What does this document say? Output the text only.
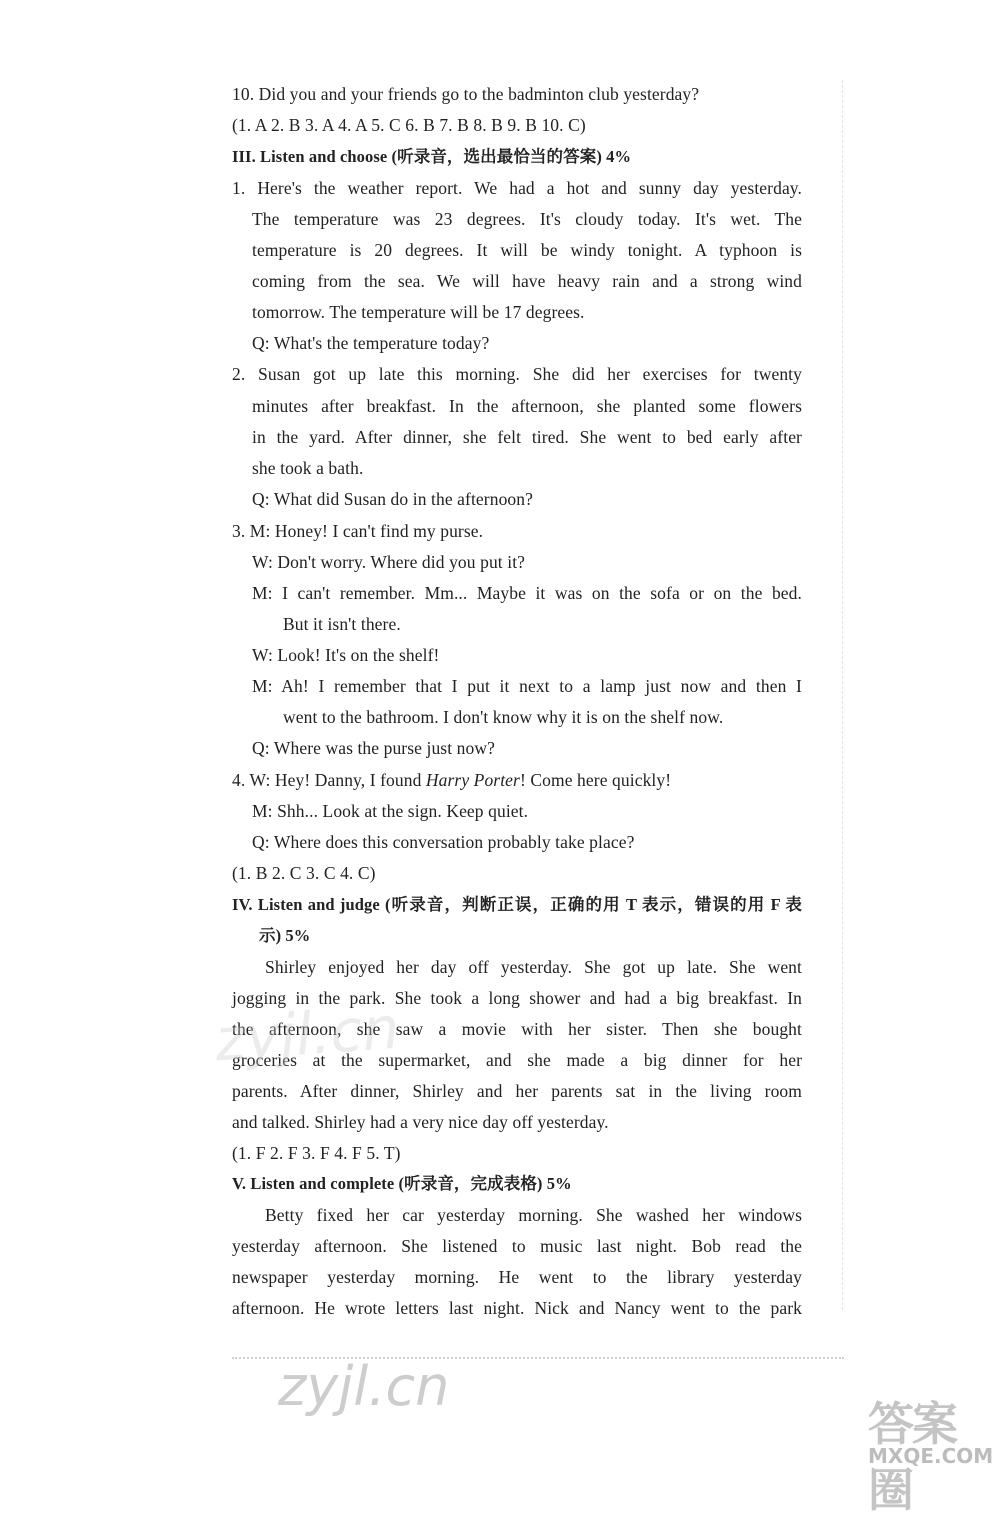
10. Did you and your friends go to the badminton club yesterday?
(1. A 2. B 3. A 4. A 5. C 6. B 7. B 8. B 9. B 10. C)
III. Listen and choose (听录音，选出最恰当的答案) 4%
1. Here's the weather report. We had a hot and sunny day yesterday.
The temperature was 23 degrees. It's cloudy today. It's wet. The
temperature is 20 degrees. It will be windy tonight. A typhoon is
coming from the sea. We will have heavy rain and a strong wind
tomorrow. The temperature will be 17 degrees.
Q: What's the temperature today?
2. Susan got up late this morning. She did her exercises for twenty
minutes after breakfast. In the afternoon, she planted some flowers
in the yard. After dinner, she felt tired. She went to bed early after
she took a bath.
Q: What did Susan do in the afternoon?
3. M: Honey! I can't find my purse.
W: Don't worry. Where did you put it?
M: I can't remember. Mm... Maybe it was on the sofa or on the bed.
But it isn't there.
W: Look! It's on the shelf!
M: Ah! I remember that I put it next to a lamp just now and then I
went to the bathroom. I don't know why it is on the shelf now.
Q: Where was the purse just now?
4. W: Hey! Danny, I found Harry Porter! Come here quickly!
M: Shh... Look at the sign. Keep quiet.
Q: Where does this conversation probably take place?
(1. B 2. C 3. C 4. C)
IV. Listen and judge (听录音，判断正误，正确的用 T 表示，错误的用 F 表
示) 5%
Shirley enjoyed her day off yesterday. She got up late. She went
jogging in the park. She took a long shower and had a big breakfast. In
the afternoon, she saw a movie with her sister. Then she bought
groceries at the supermarket, and she made a big dinner for her
parents. After dinner, Shirley and her parents sat in the living room
and talked. Shirley had a very nice day off yesterday.
(1. F 2. F 3. F 4. F 5. T)
V. Listen and complete (听录音，完成表格) 5%
Betty fixed her car yesterday morning. She washed her windows
yesterday afternoon. She listened to music last night. Bob read the
newspaper yesterday morning. He went to the library yesterday
afternoon. He wrote letters last night. Nick and Nancy went to the park
zyjl.cn
zyjl.cn
答案圈
MXQE.COM
